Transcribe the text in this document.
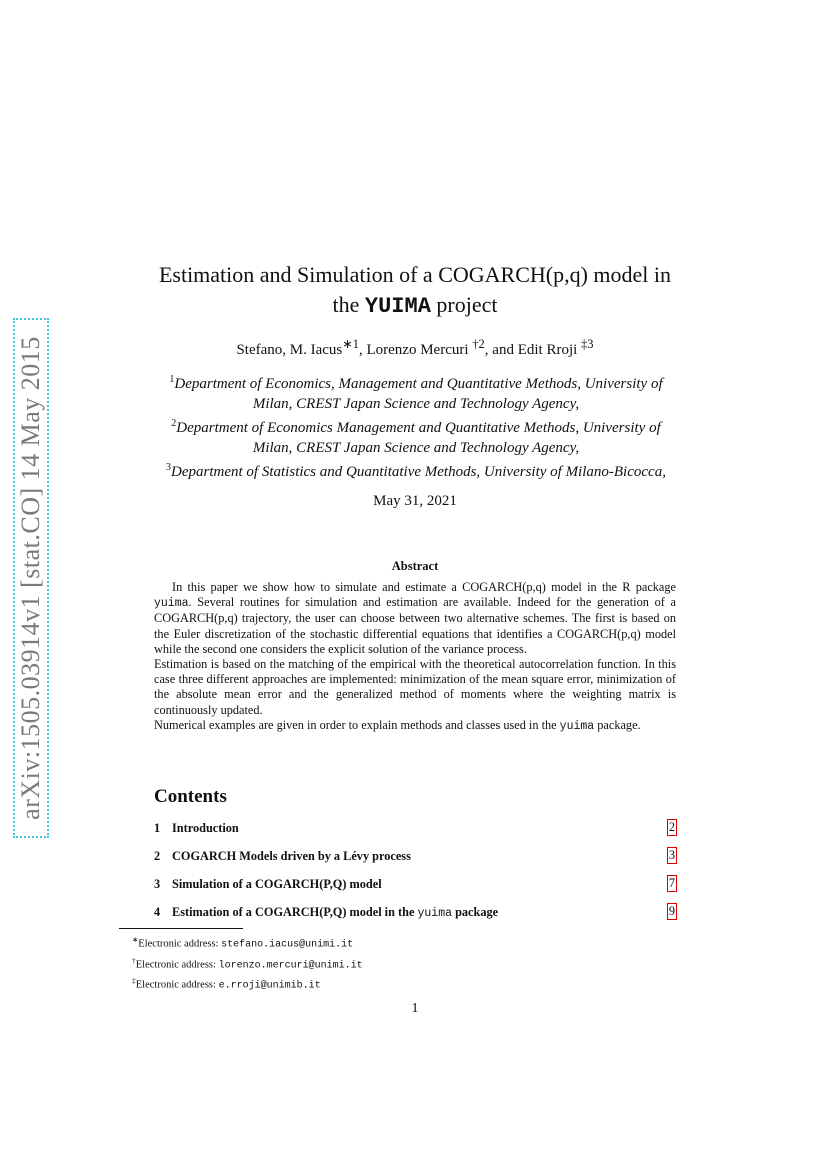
arXiv:1505.03914v1 [stat.CO] 14 May 2015
Estimation and Simulation of a COGARCH(p,q) model in
the YUIMA project
Stefano, M. Iacus$^{∗1}$, Lorenzo Mercuri $^{\dagger 2}$, and Edit Rroji $^{\ddagger 3}$
$^1$Department of Economics, Management and Quantitative Methods, University of
Milan, CREST Japan Science and Technology Agency,
$^2$Department of Economics Management and Quantitative Methods, University of
Milan, CREST Japan Science and Technology Agency,
$^3$Department of Statistics and Quantitative Methods, University of Milano-Bicocca,
May 31, 2021
Abstract

In this paper we show how to simulate and estimate a COGARCH(p,q) model in the R package yuima. Several routines for simulation and estimation are available. Indeed for the generation of a COGARCH(p,q) trajectory, the user can choose between two alternative schemes. The first is based on the Euler discretization of the stochastic differential equations that identifies a COGARCH(p,q) model while the second one considers the explicit solution of the variance process.

Estimation is based on the matching of the empirical with the theoretical autocorrelation function. In this case three different approaches are implemented: minimization of the mean square error, minimization of the absolute mean error and the generalized method of moments where the weighting matrix is continuously updated.

Numerical examples are given in order to explain methods and classes used in the yuima package.

Contents
1 Introduction	2
2 COGARCH Models driven by a Lévy process	3
3 Simulation of a COGARCH(P,Q) model	7
4 Estimation of a COGARCH(P,Q) model in the yuima package	9
∗Electronic address: stefano.iacus@unimi.it
†Electronic address: lorenzo.mercuri@unimi.it
‡Electronic address: e.rroji@unimib.it
1
